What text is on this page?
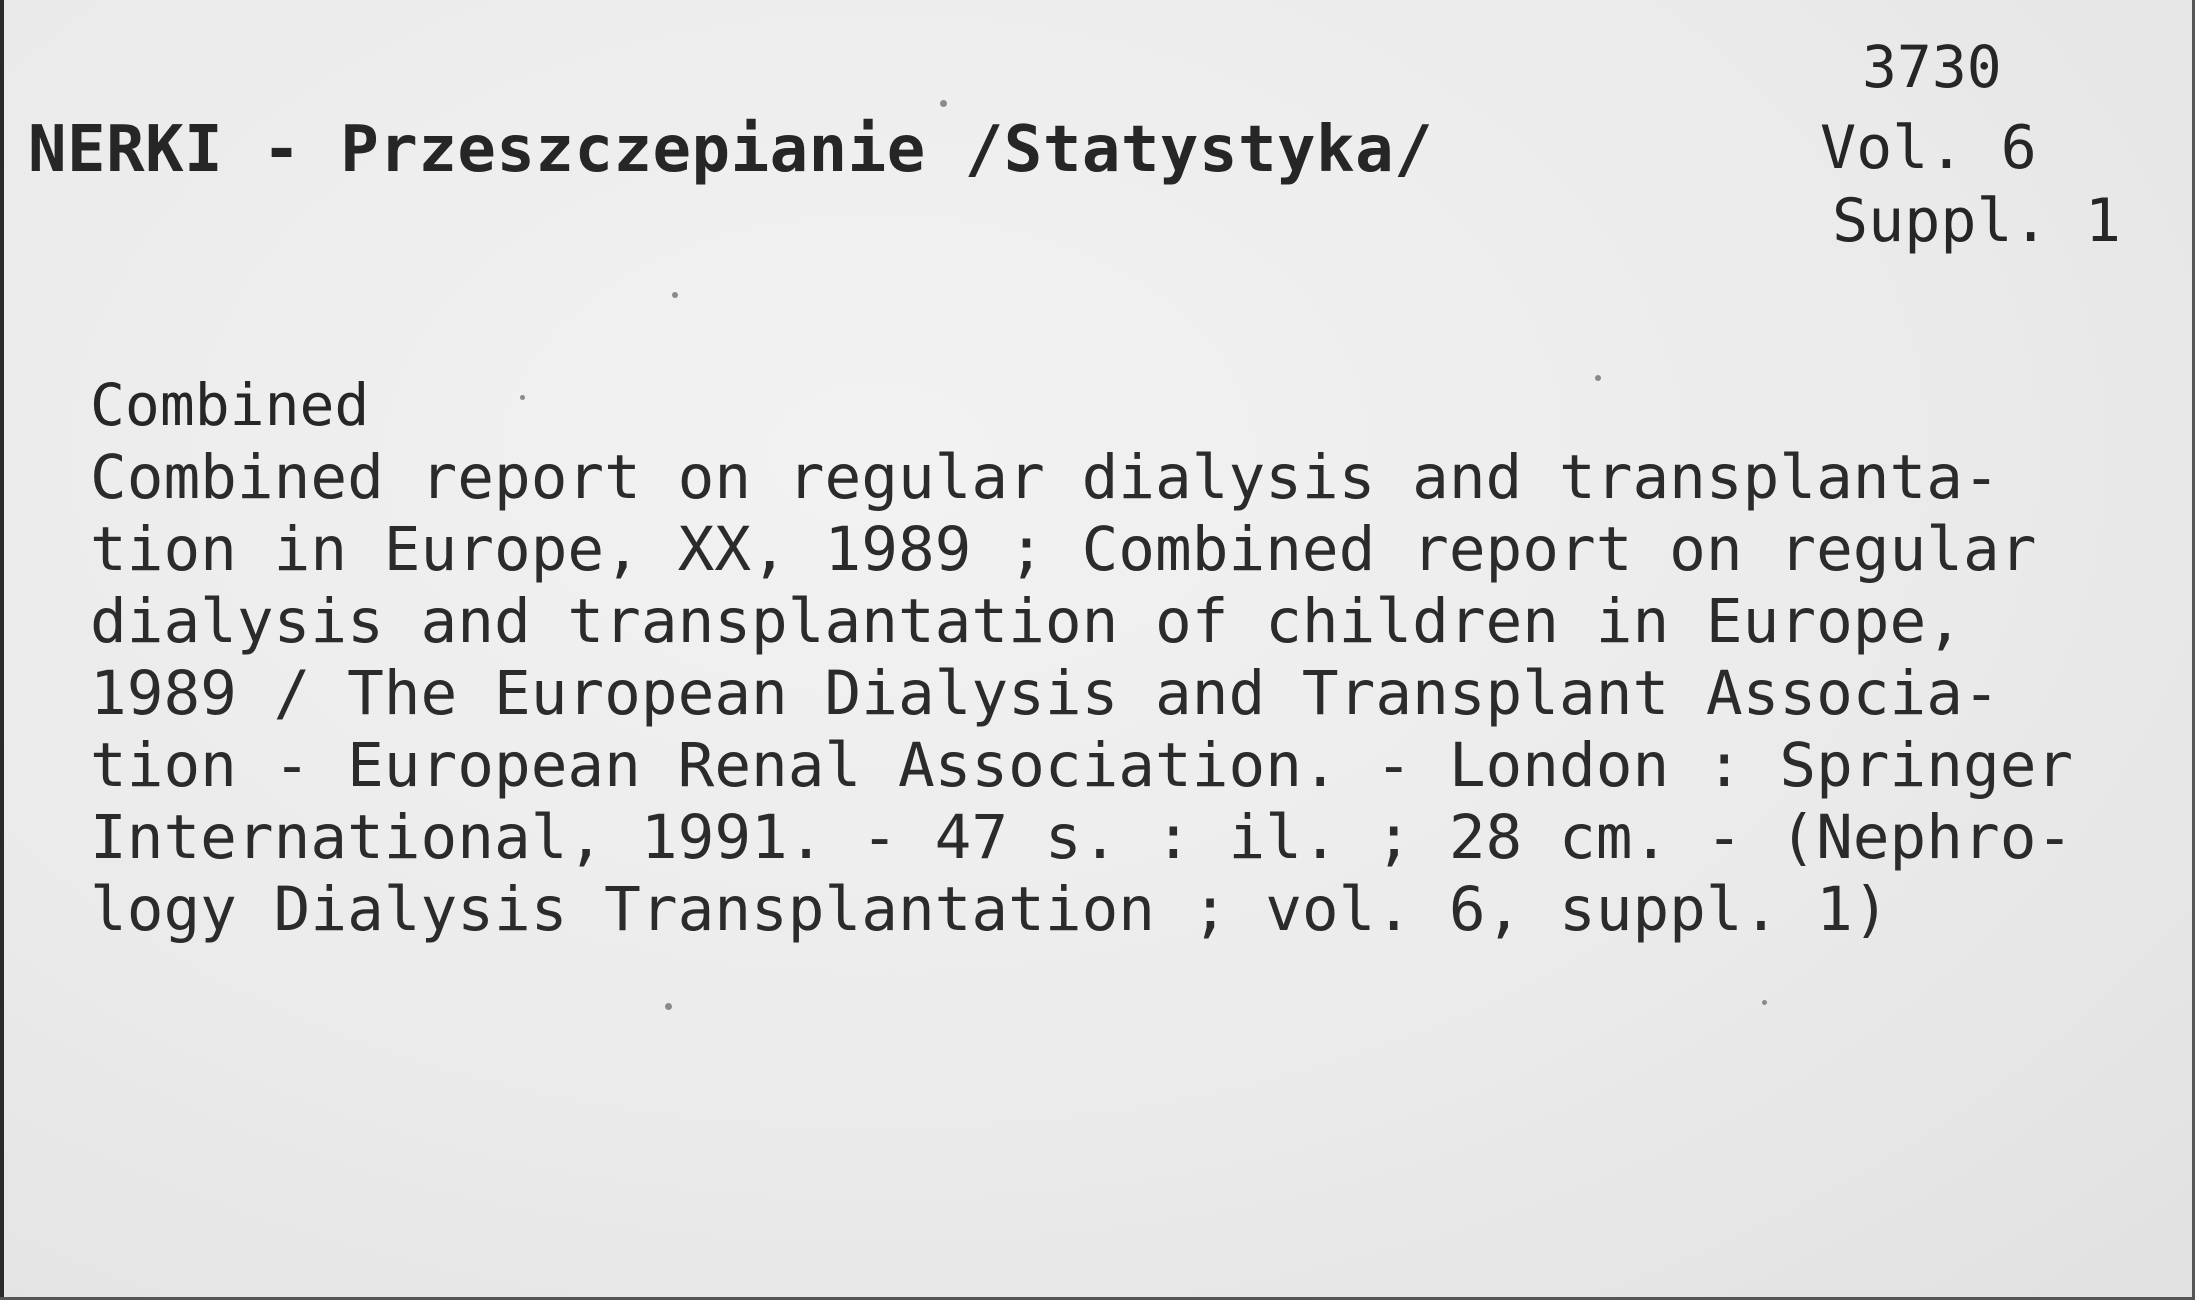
3730
NERKI - Przeszczepianie /Statystyka/	Vol. 6
Suppl. 1
Combined
Combined report on regular dialysis and transplanta-
tion in Europe, XX, 1989 ; Combined report on regular
dialysis and transplantation of children in Europe,
1989 / The European Dialysis and Transplant Associa-
tion - European Renal Association. - London : Springer
International, 1991. - 47 s. : il. ; 28 cm. - (Nephro-
logy Dialysis Transplantation ; vol. 6, suppl. 1)
